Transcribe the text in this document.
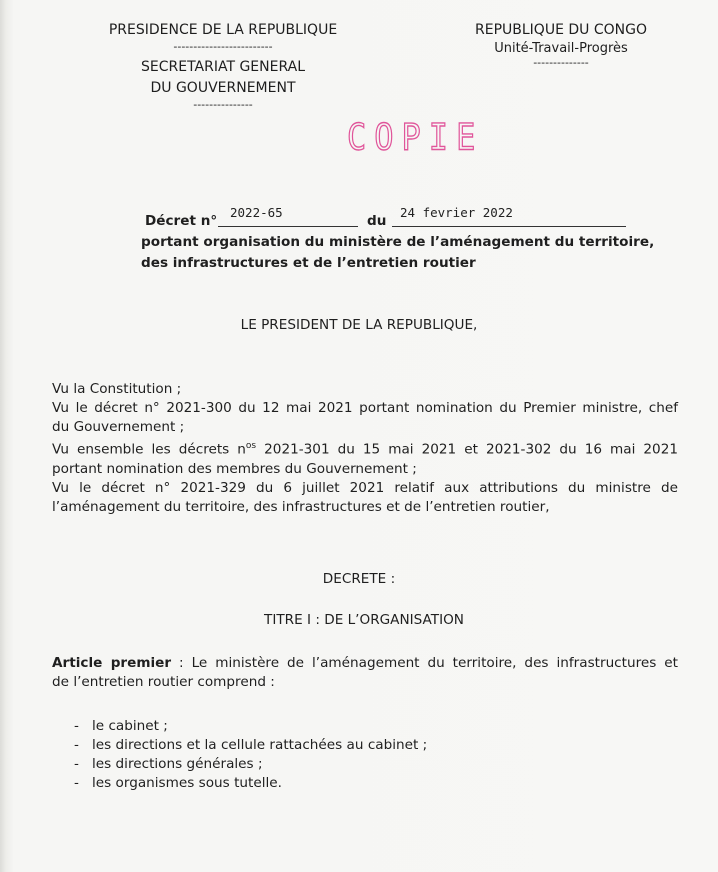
PRESIDENCE DE LA REPUBLIQUE
-------------------------
SECRETARIAT GENERAL
DU GOUVERNEMENT
---------------
REPUBLIQUE DU CONGO
Unité-Travail-Progrès
--------------
COPIE
Décret n°
2022-65
du
24 fevrier 2022
portant organisation du ministère de l’aménagement du territoire,
des infrastructures et de l’entretien routier
LE PRESIDENT DE LA REPUBLIQUE,
Vu la Constitution ;
Vu le décret n° 2021-300 du 12 mai 2021 portant nomination du Premier ministre, chef
du Gouvernement ;
Vu ensemble les décrets $n^{os}$ 2021-301 du 15 mai 2021 et 2021-302 du 16 mai 2021
portant nomination des membres du Gouvernement ;
Vu le décret n° 2021-329 du 6 juillet 2021 relatif aux attributions du ministre de
l’aménagement du territoire, des infrastructures et de l’entretien routier,
DECRETE :
TITRE I : DE L’ORGANISATION
Article premier : Le ministère de l’aménagement du territoire, des infrastructures et
de l’entretien routier comprend :
- le cabinet ;
- les directions et la cellule rattachées au cabinet ;
- les directions générales ;
- les organismes sous tutelle.
